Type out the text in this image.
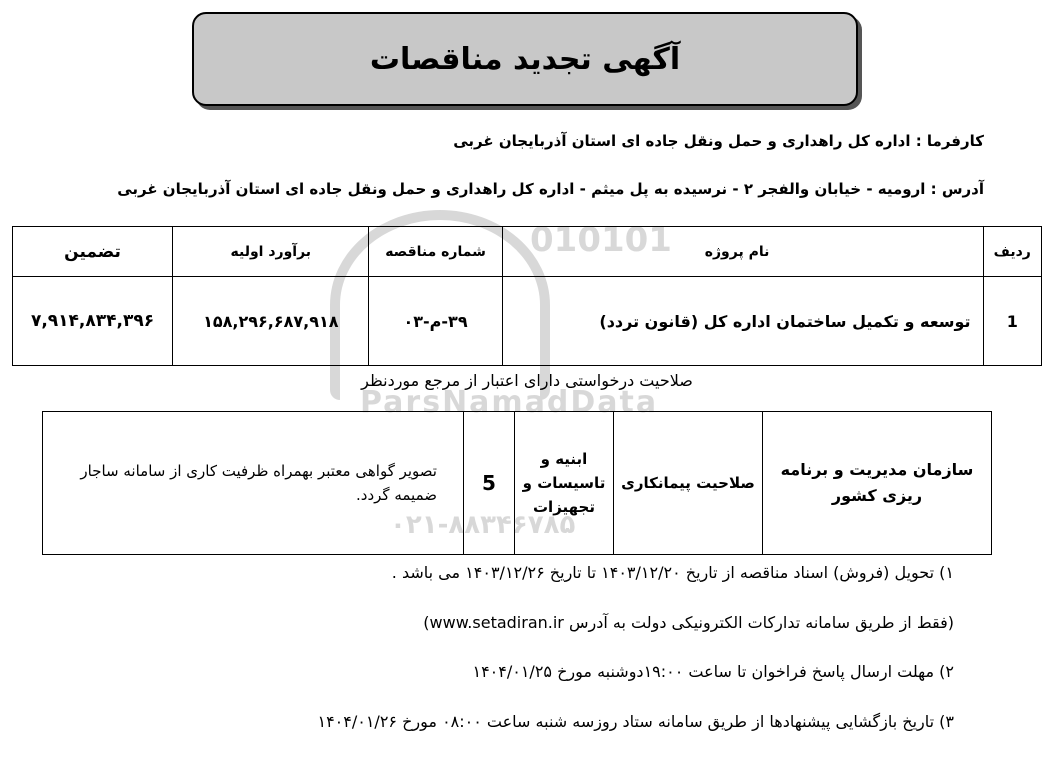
010101
ParsNamadData
۰۲۱-۸۸۳۴۶۷۸۵
آگهی تجدید مناقصات
کارفرما : اداره کل راهداری و حمل ونقل جاده ای استان آذربایجان غربی
آدرس : ارومیه - خیابان والفجر ۲ - نرسیده به پل میثم - اداره کل راهداری و حمل ونقل جاده ای استان آذربایجان غربی
ردیف	نام پروژه	شماره مناقصه	برآورد اولیه	تضمین
1	توسعه و تکمیل ساختمان اداره کل (قانون تردد)	۳۹-م-۰۳	۱۵۸,۲۹۶,۶۸۷,۹۱۸	۷,۹۱۴,۸۳۴,۳۹۶
صلاحیت درخواستی دارای اعتبار از مرجع مورد‌نظر
سازمان مدیریت و برنامه ریزی کشور	صلاحیت پیمانکاری	ابنیه و تاسیسات و تجهیزات	5	تصویر گواهی معتبر بهمراه ظرفیت کاری از سامانه ساجار ضمیمه گردد.
۱) تحویل (فروش) اسناد مناقصه از تاریخ ۱۴۰۳/۱۲/۲۰ تا تاریخ ۱۴۰۳/۱۲/۲۶ می باشد .
(فقط از طریق سامانه تدارکات الکترونیکی دولت به آدرس www.setadiran.ir)
۲) مهلت ارسال پاسخ فراخوان تا ساعت ۱۹:۰۰دوشنبه مورخ ۱۴۰۴/۰۱/۲۵
۳) تاریخ بازگشایی پیشنهادها از طریق سامانه ستاد روزسه شنبه ساعت ۰۸:۰۰ مورخ ۱۴۰۴/۰۱/۲۶
